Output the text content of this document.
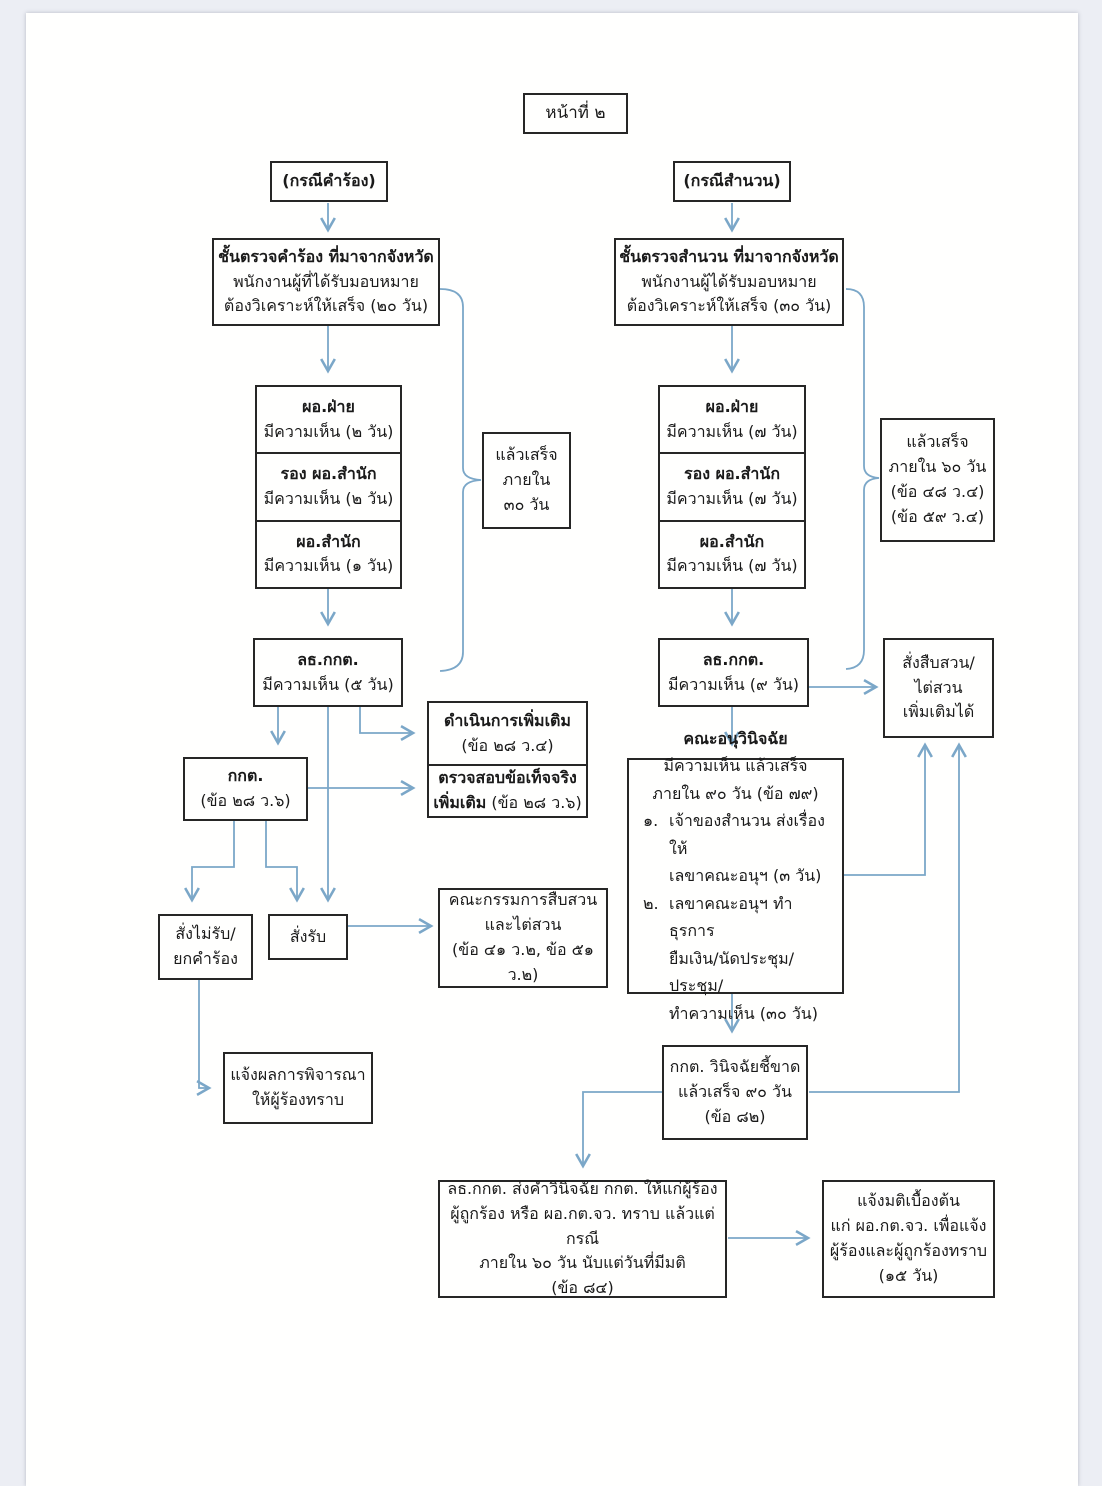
หน้าที่ ๒
(กรณีคำร้อง)
ชั้นตรวจคำร้อง ที่มาจากจังหวัด
พนักงานผู้ที่ได้รับมอบหมาย
ต้องวิเคราะห์ให้เสร็จ (๒๐ วัน)
ผอ.ฝ่าย
มีความเห็น (๒ วัน)
รอง ผอ.สำนัก
มีความเห็น (๒ วัน)
ผอ.สำนัก
มีความเห็น (๑ วัน)
แล้วเสร็จ
ภายใน
๓๐ วัน
ลธ.กกต.
มีความเห็น (๕ วัน)
กกต.
(ข้อ ๒๘ ว.๖)
ดำเนินการเพิ่มเติม
(ข้อ ๒๘ ว.๔)
ตรวจสอบข้อเท็จจริง
เพิ่มเติม (ข้อ ๒๘ ว.๖)
สั่งไม่รับ/
ยกคำร้อง
สั่งรับ
คณะกรรมการสืบสวน
และไต่สวน
(ข้อ ๔๑ ว.๒, ข้อ ๕๑ ว.๒)
แจ้งผลการพิจารณา
ให้ผู้ร้องทราบ
(กรณีสำนวน)
ชั้นตรวจสำนวน ที่มาจากจังหวัด
พนักงานผู้ได้รับมอบหมาย
ต้องวิเคราะห์ให้เสร็จ (๓๐ วัน)
ผอ.ฝ่าย
มีความเห็น (๗ วัน)
รอง ผอ.สำนัก
มีความเห็น (๗ วัน)
ผอ.สำนัก
มีความเห็น (๗ วัน)
แล้วเสร็จ
ภายใน ๖๐ วัน
(ข้อ ๔๘ ว.๔)
(ข้อ ๕๙ ว.๔)
ลธ.กกต.
มีความเห็น (๙ วัน)
สั่งสืบสวน/
ไต่สวน
เพิ่มเติมได้
คณะอนุวินิจฉัย
มีความเห็น แล้วเสร็จ
ภายใน ๙๐ วัน (ข้อ ๗๙)
๑. เจ้าของสำนวน ส่งเรื่องให้
เลขาคณะอนุฯ (๓ วัน)
๒. เลขาคณะอนุฯ ทำธุรการ
ยืมเงิน/นัดประชุม/ประชุม/
ทำความเห็น (๓๐ วัน)
กกต. วินิจฉัยชี้ขาด
แล้วเสร็จ ๙๐ วัน
(ข้อ ๘๒)
ลธ.กกต. ส่งคำวินิจฉัย กกต. ให้แก่ผู้ร้อง
ผู้ถูกร้อง หรือ ผอ.กต.จว. ทราบ แล้วแต่กรณี
ภายใน ๖๐ วัน นับแต่วันที่มีมติ
(ข้อ ๘๔)
แจ้งมติเบื้องต้น
แก่ ผอ.กต.จว. เพื่อแจ้ง
ผู้ร้องและผู้ถูกร้องทราบ
(๑๕ วัน)
